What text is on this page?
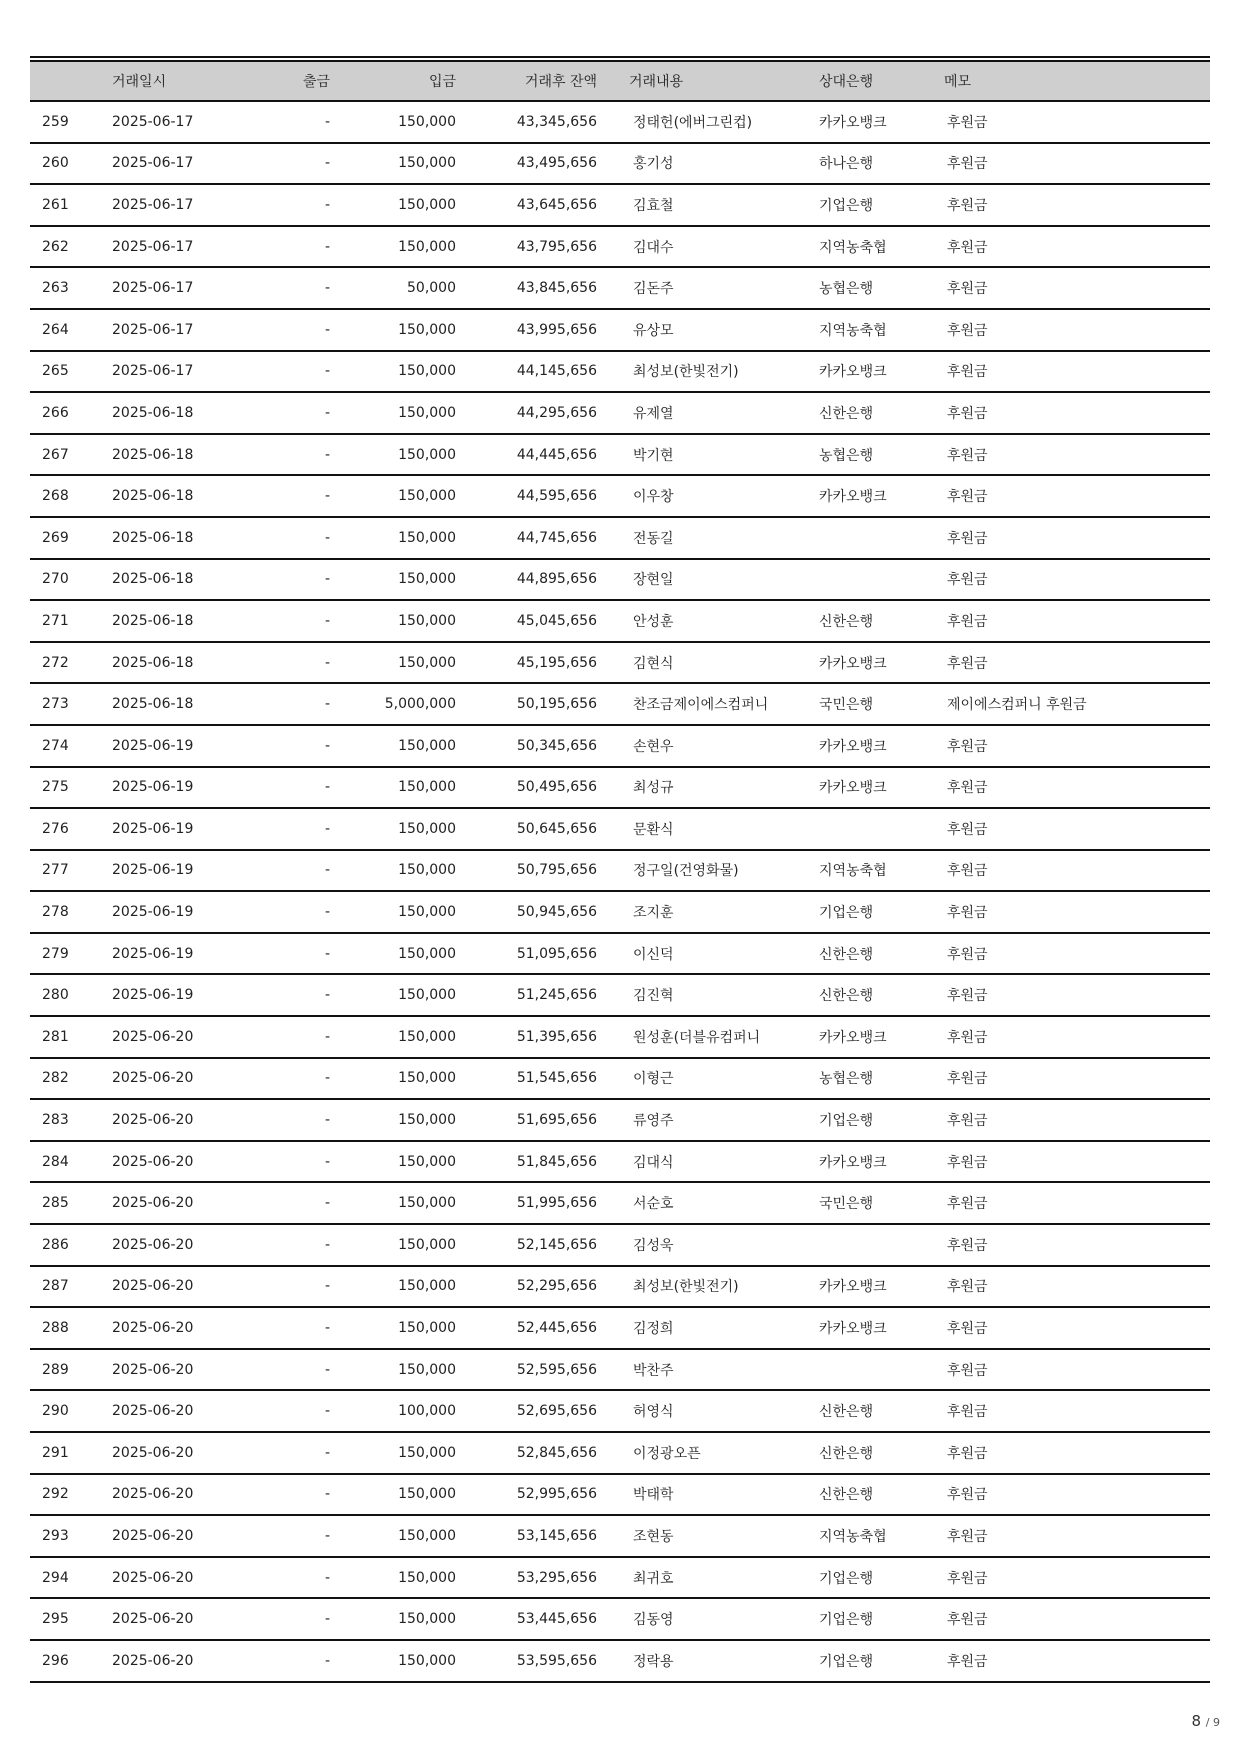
	거래일시	출금	입금	거래후 잔액	거래내용	상대은행	메모
259	2025-06-17	-	150,000	43,345,656	정태헌(에버그린컵)	카카오뱅크	후원금
260	2025-06-17	-	150,000	43,495,656	홍기성	하나은행	후원금
261	2025-06-17	-	150,000	43,645,656	김효철	기업은행	후원금
262	2025-06-17	-	150,000	43,795,656	김대수	지역농축협	후원금
263	2025-06-17	-	50,000	43,845,656	김돈주	농협은행	후원금
264	2025-06-17	-	150,000	43,995,656	유상모	지역농축협	후원금
265	2025-06-17	-	150,000	44,145,656	최성보(한빛전기)	카카오뱅크	후원금
266	2025-06-18	-	150,000	44,295,656	유제열	신한은행	후원금
267	2025-06-18	-	150,000	44,445,656	박기현	농협은행	후원금
268	2025-06-18	-	150,000	44,595,656	이우창	카카오뱅크	후원금
269	2025-06-18	-	150,000	44,745,656	전동길		후원금
270	2025-06-18	-	150,000	44,895,656	장현일		후원금
271	2025-06-18	-	150,000	45,045,656	안성훈	신한은행	후원금
272	2025-06-18	-	150,000	45,195,656	김현식	카카오뱅크	후원금
273	2025-06-18	-	5,000,000	50,195,656	찬조금제이에스컴퍼니	국민은행	제이에스컴퍼니 후원금
274	2025-06-19	-	150,000	50,345,656	손현우	카카오뱅크	후원금
275	2025-06-19	-	150,000	50,495,656	최성규	카카오뱅크	후원금
276	2025-06-19	-	150,000	50,645,656	문환식		후원금
277	2025-06-19	-	150,000	50,795,656	정구일(건영화물)	지역농축협	후원금
278	2025-06-19	-	150,000	50,945,656	조지훈	기업은행	후원금
279	2025-06-19	-	150,000	51,095,656	이신덕	신한은행	후원금
280	2025-06-19	-	150,000	51,245,656	김진혁	신한은행	후원금
281	2025-06-20	-	150,000	51,395,656	원성훈(더블유컴퍼니	카카오뱅크	후원금
282	2025-06-20	-	150,000	51,545,656	이형근	농협은행	후원금
283	2025-06-20	-	150,000	51,695,656	류영주	기업은행	후원금
284	2025-06-20	-	150,000	51,845,656	김대식	카카오뱅크	후원금
285	2025-06-20	-	150,000	51,995,656	서순호	국민은행	후원금
286	2025-06-20	-	150,000	52,145,656	김성욱		후원금
287	2025-06-20	-	150,000	52,295,656	최성보(한빛전기)	카카오뱅크	후원금
288	2025-06-20	-	150,000	52,445,656	김정희	카카오뱅크	후원금
289	2025-06-20	-	150,000	52,595,656	박찬주		후원금
290	2025-06-20	-	100,000	52,695,656	허영식	신한은행	후원금
291	2025-06-20	-	150,000	52,845,656	이정광오픈	신한은행	후원금
292	2025-06-20	-	150,000	52,995,656	박태학	신한은행	후원금
293	2025-06-20	-	150,000	53,145,656	조현동	지역농축협	후원금
294	2025-06-20	-	150,000	53,295,656	최귀호	기업은행	후원금
295	2025-06-20	-	150,000	53,445,656	김동영	기업은행	후원금
296	2025-06-20	-	150,000	53,595,656	정락용	기업은행	후원금
8 / 9
